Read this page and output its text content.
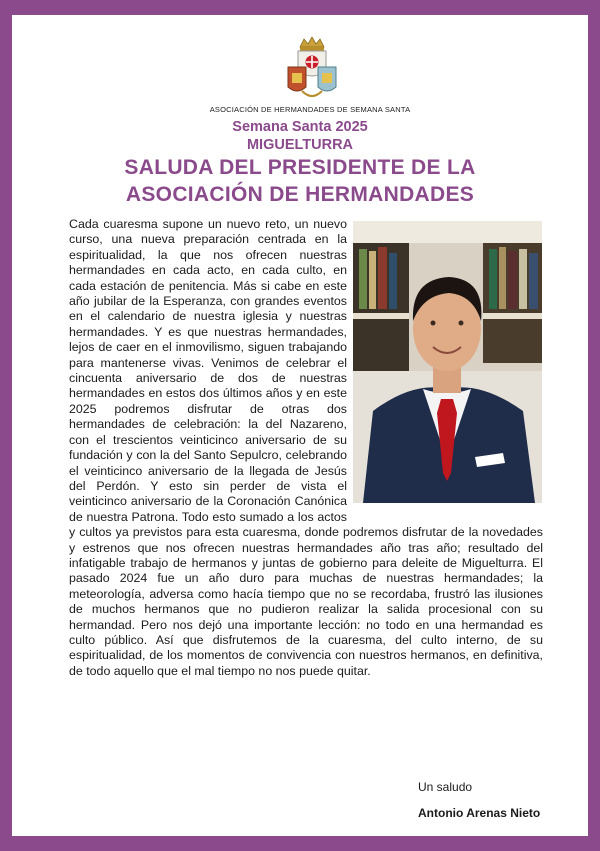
ASOCIACIÓN DE HERMANDADES DE SEMANA SANTA
Semana Santa 2025
MIGUELTURRA
SALUDA DEL PRESIDENTE DE LA
ASOCIACIÓN DE HERMANDADES
Cada cuaresma supone un nuevo reto, un nuevo curso, una nueva preparación centrada en la espiritualidad, la que nos ofrecen nuestras hermandades en cada acto, en cada culto, en cada estación de penitencia. Más si cabe en este año jubilar de la Esperanza, con grandes eventos en el calendario de nuestra iglesia y nuestras hermandades. Y es que nuestras hermandades, lejos de caer en el inmovilismo, siguen trabajando para mantenerse vivas. Venimos de celebrar el cincuenta aniversario de dos de nuestras hermandades en estos dos últimos años y en este 2025 podremos disfrutar de otras dos hermandades de celebración: la del Nazareno, con el trescientos veinticinco aniversario de su fundación y con la del Santo Sepulcro, celebrando el veinticinco aniversario de la llegada de Jesús del Perdón. Y esto sin perder de vista el veinticinco aniversario de la Coronación Canónica de nuestra Patrona. Todo esto sumado a los actos y cultos ya previstos para esta cuaresma, donde podremos disfrutar de la novedades y estrenos que nos ofrecen nuestras hermandades año tras año; resultado del infatigable trabajo de hermanos y juntas de gobierno para deleite de Miguelturra. El pasado 2024 fue un año duro para muchas de nuestras hermandades; la meteorología, adversa como hacía tiempo que no se recordaba, frustró las ilusiones de muchos hermanos que no pudieron realizar la salida procesional con su hermandad. Pero nos dejó una importante lección: no todo en una hermandad es culto público. Así que disfrutemos de la cuaresma, del culto interno, de su espiritualidad, de los momentos de convivencia con nuestros hermanos, en definitiva, de todo aquello que el mal tiempo no nos puede quitar.
Un saludo
Antonio Arenas Nieto
